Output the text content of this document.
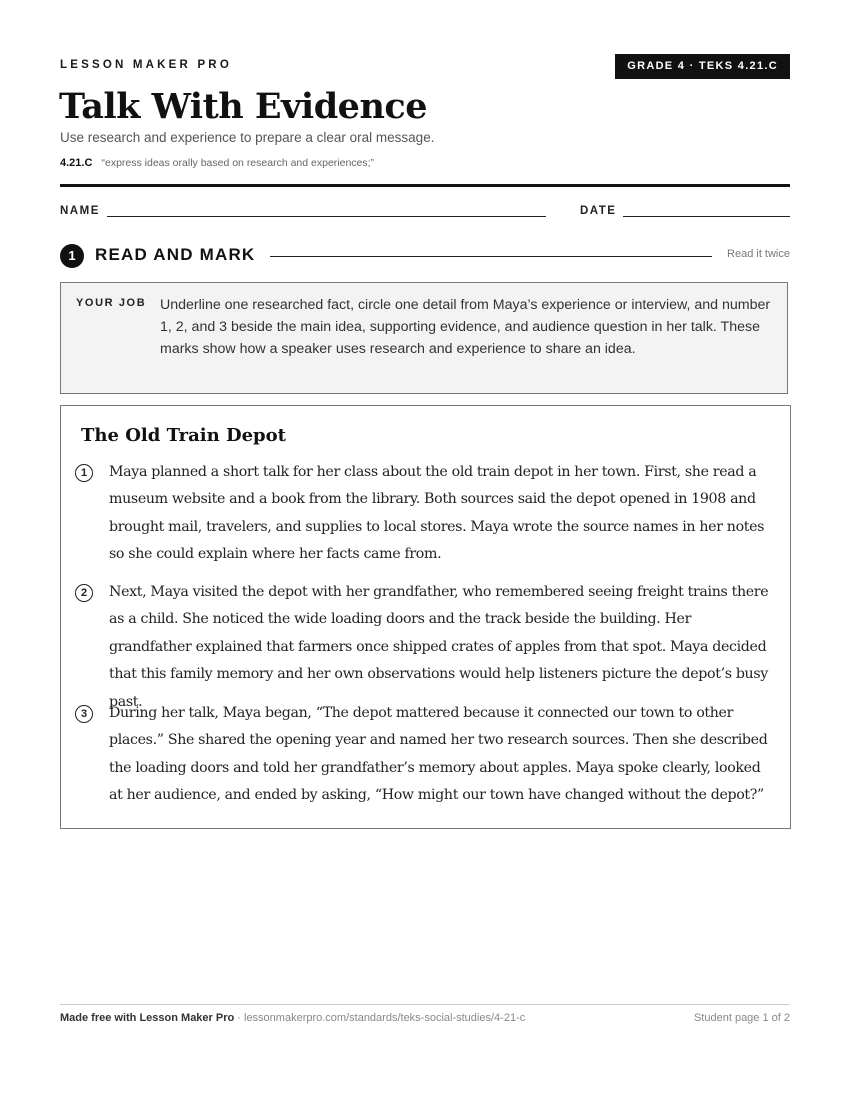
LESSON MAKER PRO	GRADE 4 · TEKS 4.21.C
Talk With Evidence
Use research and experience to prepare a clear oral message.
4.21.C “express ideas orally based on research and experiences;”
NAME	DATE
1	READ AND MARK	Read it twice
YOUR JOB Underline one researched fact, circle one detail from Maya’s experience or interview, and number 1, 2, and 3 beside the main idea, supporting evidence, and audience question in her talk. These marks show how a speaker uses research and experience to share an idea.
The Old Train Depot
1	Maya planned a short talk for her class about the old train depot in her town. First, she read a museum website and a book from the library. Both sources said the depot opened in 1908 and brought mail, travelers, and supplies to local stores. Maya wrote the source names in her notes so she could explain where her facts came from.
2	Next, Maya visited the depot with her grandfather, who remembered seeing freight trains there as a child. She noticed the wide loading doors and the track beside the building. Her grandfather explained that farmers once shipped crates of apples from that spot. Maya decided that this family memory and her own observations would help listeners picture the depot’s busy past.
3	During her talk, Maya began, “The depot mattered because it connected our town to other places.” She shared the opening year and named her two research sources. Then she described the loading doors and told her grandfather’s memory about apples. Maya spoke clearly, looked at her audience, and ended by asking, “How might our town have changed without the depot?”
Made free with Lesson Maker Pro · lessonmakerpro.com/standards/teks-social-studies/4-21-c	Student page 1 of 2
